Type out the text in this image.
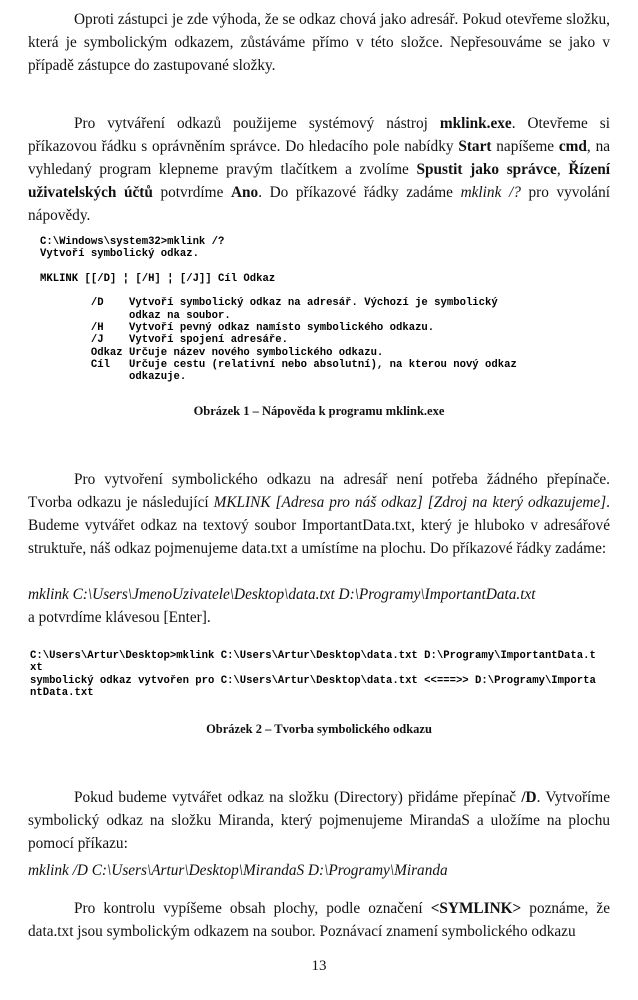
Oproti zástupci je zde výhoda, že se odkaz chová jako adresář. Pokud otevřeme složku, která je symbolickým odkazem, zůstáváme přímo v této složce. Nepřesouváme se jako v případě zástupce do zastupované složky.

Pro vytváření odkazů použijeme systémový nástroj mklink.exe. Otevřeme si příkazovou řádku s oprávněním správce. Do hledacího pole nabídky Start napíšeme cmd, na vyhledaný program klepneme pravým tlačítkem a zvolíme Spustit jako správce, Řízení uživatelských účtů potvrdíme Ano. Do příkazové řádky zadáme mklink /? pro vyvolání nápovědy.

C:\Windows\system32>mklink /?
Vytvoří symbolický odkaz.

MKLINK [[/D] ¦ [/H] ¦ [/J]] Cíl Odkaz

/D    Vytvoří symbolický odkaz na adresář. Výchozí je symbolický
odkaz na soubor.
/H    Vytvoří pevný odkaz namísto symbolického odkazu.
/J    Vytvoří spojení adresáře.
Odkaz Určuje název nového symbolického odkazu.
Cíl   Určuje cestu (relativní nebo absolutní), na kterou nový odkaz
odkazuje.

Obrázek 1 – Nápověda k programu mklink.exe

Pro vytvoření symbolického odkazu na adresář není potřeba žádného přepínače. Tvorba odkazu je následující MKLINK [Adresa pro náš odkaz] [Zdroj na který odkazujeme]. Budeme vytvářet odkaz na textový soubor ImportantData.txt, který je hluboko v adresářové struktuře, náš odkaz pojmenujeme data.txt a umístíme na plochu. Do příkazové řádky zadáme:

mklink C:\Users\JmenoUzivatele\Desktop\data.txt D:\Programy\ImportantData.txt

a potvrdíme klávesou [Enter].

C:\Users\Artur\Desktop>mklink C:\Users\Artur\Desktop\data.txt D:\Programy\ImportantData.t
xt
symbolický odkaz vytvořen pro C:\Users\Artur\Desktop\data.txt <<===>> D:\Programy\Importa
ntData.txt

Obrázek 2 – Tvorba symbolického odkazu

Pokud budeme vytvářet odkaz na složku (Directory) přidáme přepínač /D. Vytvoříme symbolický odkaz na složku Miranda, který pojmenujeme MirandaS a uložíme na plochu pomocí příkazu:

mklink /D C:\Users\Artur\Desktop\MirandaS D:\Programy\Miranda

Pro kontrolu vypíšeme obsah plochy, podle označení <SYMLINK> poznáme, že data.txt jsou symbolickým odkazem na soubor. Poznávací znamení symbolického odkazu

13
